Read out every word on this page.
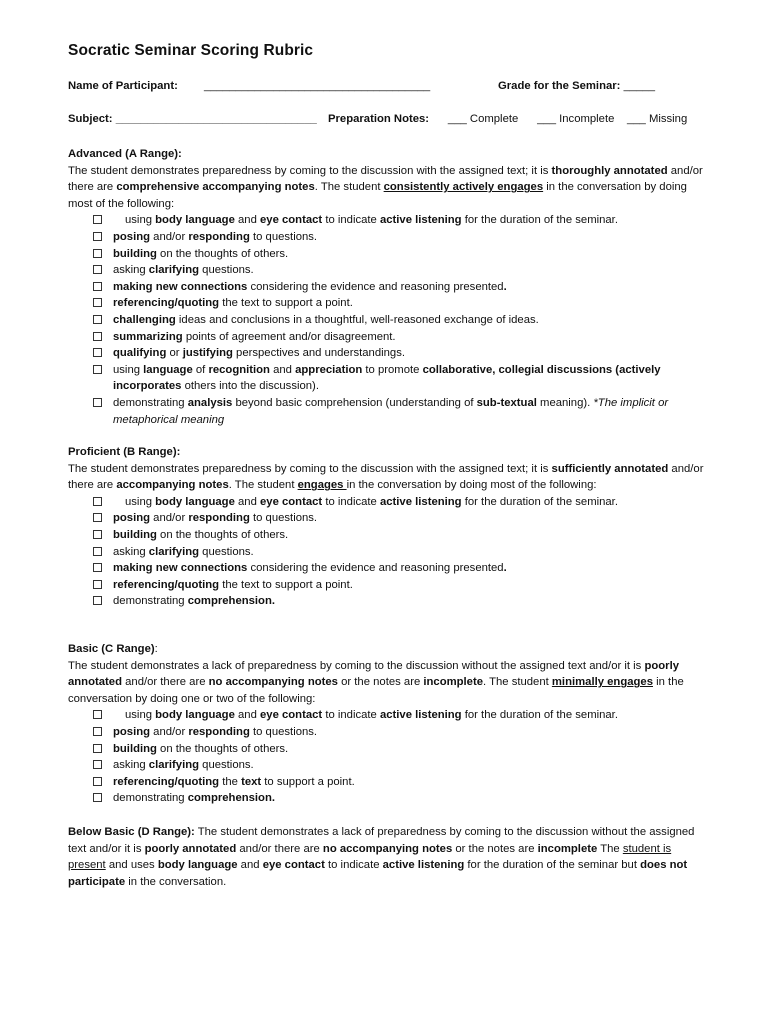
Socratic Seminar Scoring Rubric
Name of Participant: ____________________________________	Grade for the Seminar: _____
Subject: ________________________________ Preparation Notes: ___ Complete ___ Incomplete ___ Missing
Advanced (A Range):

The student demonstrates preparedness by coming to the discussion with the assigned text; it is thoroughly annotated and/or there are comprehensive accompanying notes. The student consistently actively engages in the conversation by doing most of the following:

using body language and eye contact to indicate active listening for the duration of the seminar.
posing and/or responding to questions.
building on the thoughts of others.
asking clarifying questions.
making new connections considering the evidence and reasoning presented.
referencing/quoting the text to support a point.
challenging ideas and conclusions in a thoughtful, well-reasoned exchange of ideas.
summarizing points of agreement and/or disagreement.
qualifying or justifying perspectives and understandings.
using language of recognition and appreciation to promote collaborative, collegial discussions (actively incorporates others into the discussion).
demonstrating analysis beyond basic comprehension (understanding of sub-textual meaning). *The implicit or metaphorical meaning
Proficient (B Range):

The student demonstrates preparedness by coming to the discussion with the assigned text; it is sufficiently annotated and/or there are accompanying notes. The student engages in the conversation by doing most of the following:

using body language and eye contact to indicate active listening for the duration of the seminar.
posing and/or responding to questions.
building on the thoughts of others.
asking clarifying questions.
making new connections considering the evidence and reasoning presented.
referencing/quoting the text to support a point.
demonstrating comprehension.
Basic (C Range):

The student demonstrates a lack of preparedness by coming to the discussion without the assigned text and/or it is poorly annotated and/or there are no accompanying notes or the notes are incomplete. The student minimally engages in the conversation by doing one or two of the following:

using body language and eye contact to indicate active listening for the duration of the seminar.
posing and/or responding to questions.
building on the thoughts of others.
asking clarifying questions.
referencing/quoting the text to support a point.
demonstrating comprehension.

Below Basic (D Range): The student demonstrates a lack of preparedness by coming to the discussion without the assigned text and/or it is poorly annotated and/or there are no accompanying notes or the notes are incomplete The student is present and uses body language and eye contact to indicate active listening for the duration of the seminar but does not participate in the conversation.
